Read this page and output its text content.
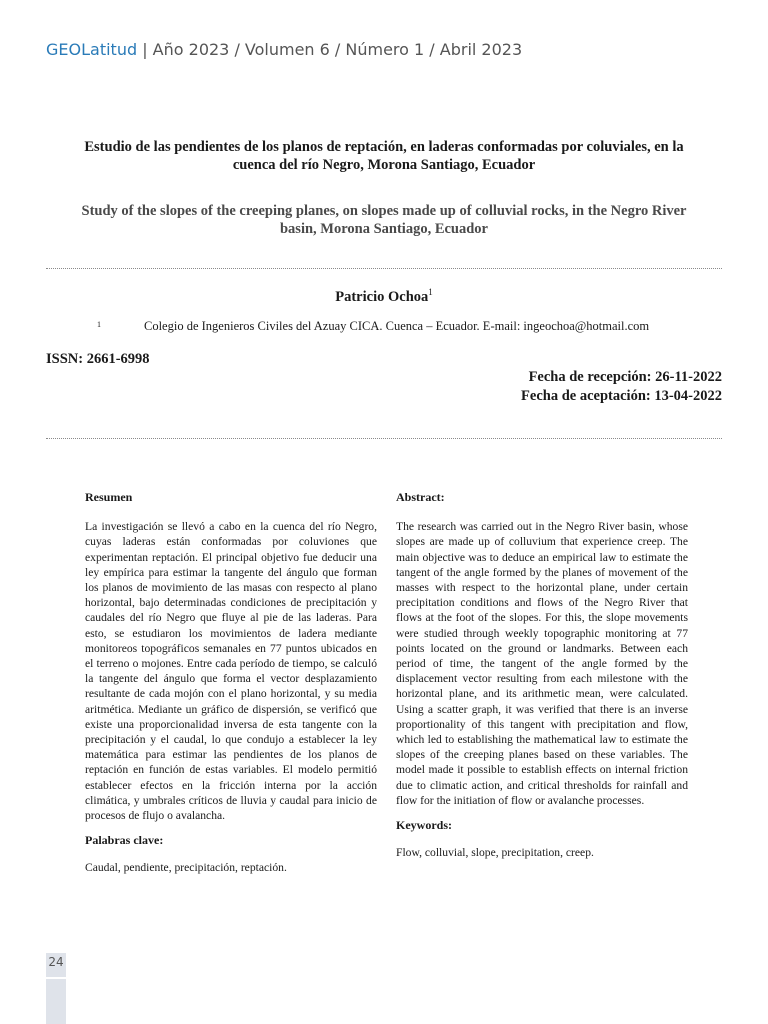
GEOLatitud | Año 2023 / Volumen 6 / Número 1 / Abril 2023
Estudio de las pendientes de los planos de reptación, en laderas conformadas por coluviales, en la cuenca del río Negro, Morona Santiago, Ecuador
Study of the slopes of the creeping planes, on slopes made up of colluvial rocks, in the Negro River basin, Morona Santiago, Ecuador
Patricio Ochoa$^1$
1	Colegio de Ingenieros Civiles del Azuay CICA. Cuenca – Ecuador. E-mail: ingeochoa@hotmail.com
ISSN: 2661-6998
Fecha de recepción: 26-11-2022
Fecha de aceptación: 13-04-2022
Resumen
La investigación se llevó a cabo en la cuenca del río Negro, cuyas laderas están conformadas por coluviones que experimentan reptación. El principal objetivo fue deducir una ley empírica para estimar la tangente del ángulo que forman los planos de movimiento de las masas con respecto al plano horizontal, bajo determinadas condiciones de precipitación y caudales del río Negro que fluye al pie de las laderas. Para esto, se estudiaron los movimientos de ladera mediante monitoreos topográficos semanales en 77 puntos ubicados en el terreno o mojones. Entre cada período de tiempo, se calculó la tangente del ángulo que forma el vector desplazamiento resultante de cada mojón con el plano horizontal, y su media aritmética. Mediante un gráfico de dispersión, se verificó que existe una proporcionalidad inversa de esta tangente con la precipitación y el caudal, lo que condujo a establecer la ley matemática para estimar las pendientes de los planos de reptación en función de estas variables. El modelo permitió establecer efectos en la fricción interna por la acción climática, y umbrales críticos de lluvia y caudal para inicio de procesos de flujo o avalancha.
Palabras clave:
Caudal, pendiente, precipitación, reptación.
Abstract:
The research was carried out in the Negro River basin, whose slopes are made up of colluvium that experience creep. The main objective was to deduce an empirical law to estimate the tangent of the angle formed by the planes of movement of the masses with respect to the horizontal plane, under certain precipitation conditions and flows of the Negro River that flows at the foot of the slopes. For this, the slope movements were studied through weekly topographic monitoring at 77 points located on the ground or landmarks. Between each period of time, the tangent of the angle formed by the displacement vector resulting from each milestone with the horizontal plane, and its arithmetic mean, were calculated. Using a scatter graph, it was verified that there is an inverse proportionality of this tangent with precipitation and flow, which led to establishing the mathematical law to estimate the slopes of the creeping planes based on these variables. The model made it possible to establish effects on internal friction due to climatic action, and critical thresholds for rainfall and flow for the initiation of flow or avalanche processes.
Keywords:
Flow, colluvial, slope, precipitation, creep.
24
